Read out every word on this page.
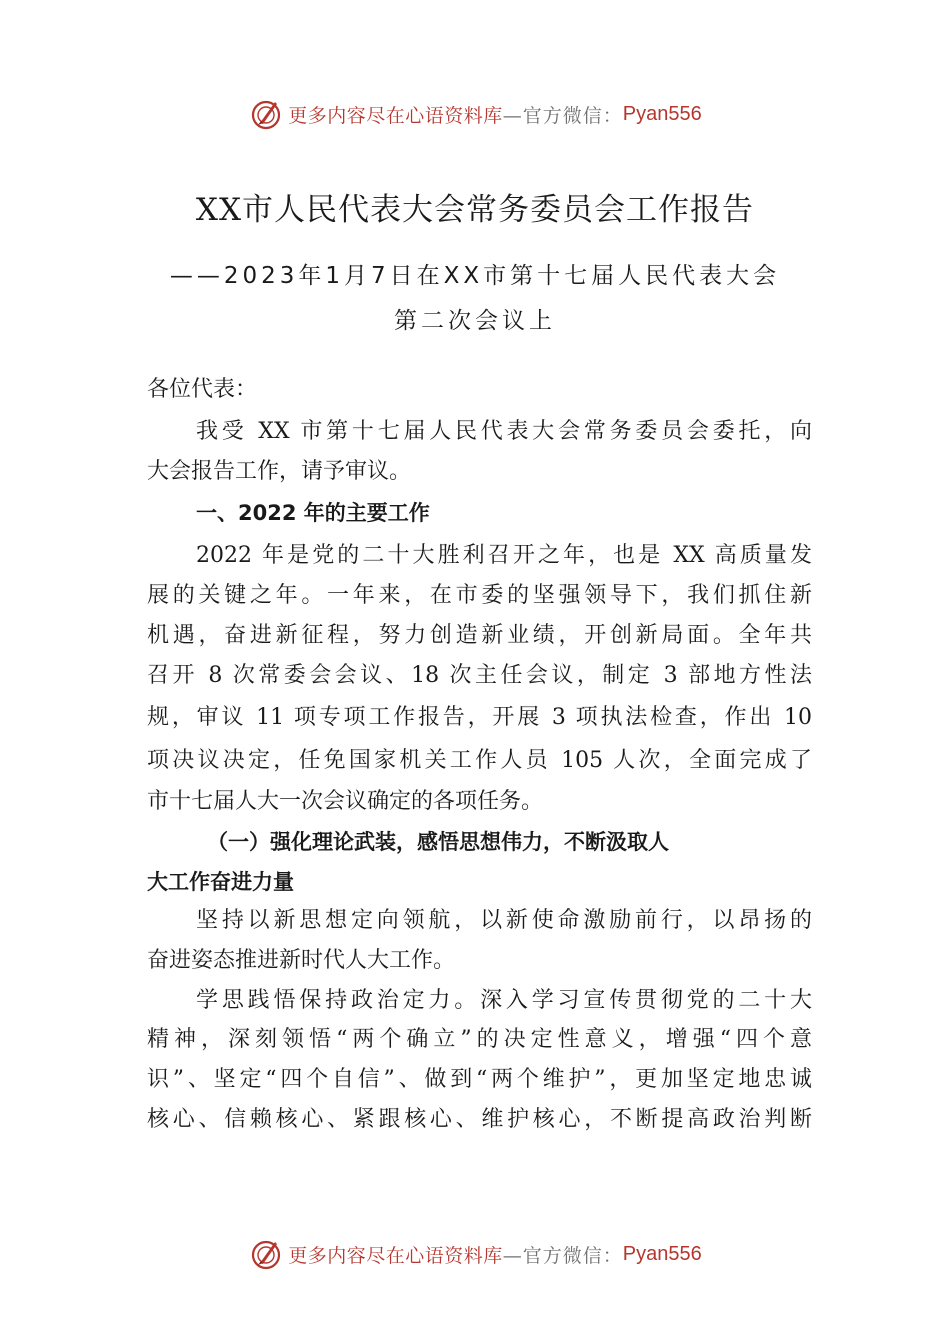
更多内容尽在心语资料库 —官方微信： Pyan556
XX市人民代表大会常务委员会工作报告
——2023年1月7日在XX市第十七届人民代表大会
第二次会议上
各位代表：
我受 XX 市第十七届人民代表大会常务委员会委托，向
大会报告工作，请予审议。
一、2022 年的主要工作
2022 年是党的二十大胜利召开之年，也是 XX 高质量发
展的关键之年。一年来，在市委的坚强领导下，我们抓住新
机遇，奋进新征程，努力创造新业绩，开创新局面。全年共
召开 8 次常委会会议、18 次主任会议，制定 3 部地方性法
规，审议 11 项专项工作报告，开展 3 项执法检查，作出 10
项决议决定，任免国家机关工作人员 105 人次，全面完成了
市十七届人大一次会议确定的各项任务。
（一）强化理论武装，感悟思想伟力，不断汲取人
大工作奋进力量
坚持以新思想定向领航，以新使命激励前行，以昂扬的
奋进姿态推进新时代人大工作。
学思践悟保持政治定力。深入学习宣传贯彻党的二十大
精神，深刻领悟“两个确立”的决定性意义，增强“四个意
识”、坚定“四个自信”、做到“两个维护”，更加坚定地忠诚
核心、信赖核心、紧跟核心、维护核心，不断提高政治判断
更多内容尽在心语资料库 —官方微信： Pyan556
